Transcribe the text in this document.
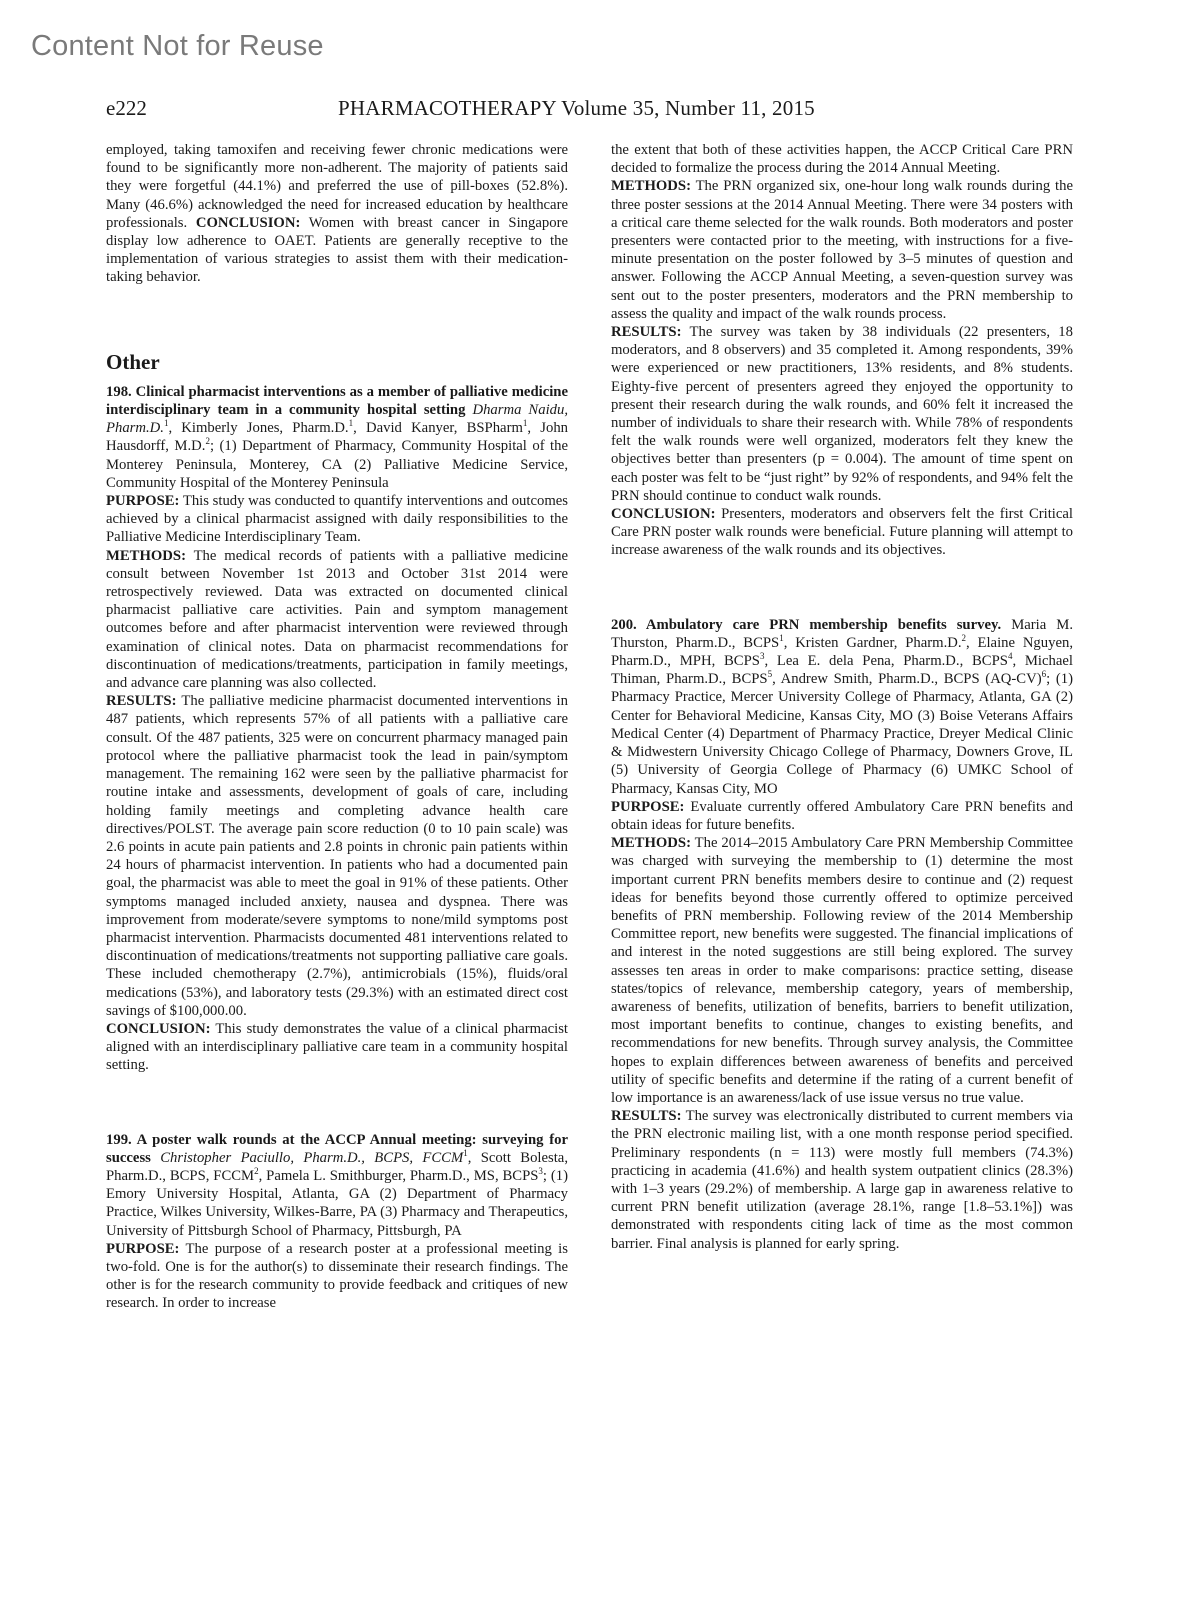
Content Not for Reuse
e222	PHARMACOTHERAPY Volume 35, Number 11, 2015

employed, taking tamoxifen and receiving fewer chronic medications were found to be significantly more non-adherent. The majority of patients said they were forgetful (44.1%) and preferred the use of pill-boxes (52.8%). Many (46.6%) acknowledged the need for increased education by healthcare professionals. CONCLUSION: Women with breast cancer in Singapore display low adherence to OAET. Patients are generally receptive to the implementation of various strategies to assist them with their medication-taking behavior.

Other

198. Clinical pharmacist interventions as a member of palliative medicine interdisciplinary team in a community hospital setting Dharma Naidu, Pharm.D.$^1$, Kimberly Jones, Pharm.D.$^1$, David Kanyer, BSPharm$^1$, John Hausdorff, M.D.$^2$; (1) Department of Pharmacy, Community Hospital of the Monterey Peninsula, Monterey, CA (2) Palliative Medicine Service, Community Hospital of the Monterey Peninsula

PURPOSE: This study was conducted to quantify interventions and outcomes achieved by a clinical pharmacist assigned with daily responsibilities to the Palliative Medicine Interdisciplinary Team.

METHODS: The medical records of patients with a palliative medicine consult between November 1st 2013 and October 31st 2014 were retrospectively reviewed. Data was extracted on documented clinical pharmacist palliative care activities. Pain and symptom management outcomes before and after pharmacist intervention were reviewed through examination of clinical notes. Data on pharmacist recommendations for discontinuation of medications/treatments, participation in family meetings, and advance care planning was also collected.

RESULTS: The palliative medicine pharmacist documented interventions in 487 patients, which represents 57% of all patients with a palliative care consult. Of the 487 patients, 325 were on concurrent pharmacy managed pain protocol where the palliative pharmacist took the lead in pain/symptom management. The remaining 162 were seen by the palliative pharmacist for routine intake and assessments, development of goals of care, including holding family meetings and completing advance health care directives/POLST. The average pain score reduction (0 to 10 pain scale) was 2.6 points in acute pain patients and 2.8 points in chronic pain patients within 24 hours of pharmacist intervention. In patients who had a documented pain goal, the pharmacist was able to meet the goal in 91% of these patients. Other symptoms managed included anxiety, nausea and dyspnea. There was improvement from moderate/severe symptoms to none/mild symptoms post pharmacist intervention. Pharmacists documented 481 interventions related to discontinuation of medications/treatments not supporting palliative care goals. These included chemotherapy (2.7%), antimicrobials (15%), fluids/oral medications (53%), and laboratory tests (29.3%) with an estimated direct cost savings of $100,000.00.

CONCLUSION: This study demonstrates the value of a clinical pharmacist aligned with an interdisciplinary palliative care team in a community hospital setting.

199. A poster walk rounds at the ACCP Annual meeting: surveying for success Christopher Paciullo, Pharm.D., BCPS, FCCM$^1$, Scott Bolesta, Pharm.D., BCPS, FCCM$^2$, Pamela L. Smithburger, Pharm.D., MS, BCPS$^3$; (1) Emory University Hospital, Atlanta, GA (2) Department of Pharmacy Practice, Wilkes University, Wilkes-Barre, PA (3) Pharmacy and Therapeutics, University of Pittsburgh School of Pharmacy, Pittsburgh, PA

PURPOSE: The purpose of a research poster at a professional meeting is two-fold. One is for the author(s) to disseminate their research findings. The other is for the research community to provide feedback and critiques of new research. In order to increase

the extent that both of these activities happen, the ACCP Critical Care PRN decided to formalize the process during the 2014 Annual Meeting.

METHODS: The PRN organized six, one-hour long walk rounds during the three poster sessions at the 2014 Annual Meeting. There were 34 posters with a critical care theme selected for the walk rounds. Both moderators and poster presenters were contacted prior to the meeting, with instructions for a five-minute presentation on the poster followed by 3–5 minutes of question and answer. Following the ACCP Annual Meeting, a seven-question survey was sent out to the poster presenters, moderators and the PRN membership to assess the quality and impact of the walk rounds process.

RESULTS: The survey was taken by 38 individuals (22 presenters, 18 moderators, and 8 observers) and 35 completed it. Among respondents, 39% were experienced or new practitioners, 13% residents, and 8% students. Eighty-five percent of presenters agreed they enjoyed the opportunity to present their research during the walk rounds, and 60% felt it increased the number of individuals to share their research with. While 78% of respondents felt the walk rounds were well organized, moderators felt they knew the objectives better than presenters (p = 0.004). The amount of time spent on each poster was felt to be “just right” by 92% of respondents, and 94% felt the PRN should continue to conduct walk rounds.

CONCLUSION: Presenters, moderators and observers felt the first Critical Care PRN poster walk rounds were beneficial. Future planning will attempt to increase awareness of the walk rounds and its objectives.

200. Ambulatory care PRN membership benefits survey. Maria M. Thurston, Pharm.D., BCPS$^1$, Kristen Gardner, Pharm.D.$^2$, Elaine Nguyen, Pharm.D., MPH, BCPS$^3$, Lea E. dela Pena, Pharm.D., BCPS$^4$, Michael Thiman, Pharm.D., BCPS$^5$, Andrew Smith, Pharm.D., BCPS $(AQ-CV)^6$; (1) Pharmacy Practice, Mercer University College of Pharmacy, Atlanta, GA (2) Center for Behavioral Medicine, Kansas City, MO (3) Boise Veterans Affairs Medical Center (4) Department of Pharmacy Practice, Dreyer Medical Clinic & Midwestern University Chicago College of Pharmacy, Downers Grove, IL (5) University of Georgia College of Pharmacy (6) UMKC School of Pharmacy, Kansas City, MO

PURPOSE: Evaluate currently offered Ambulatory Care PRN benefits and obtain ideas for future benefits.

METHODS: The 2014–2015 Ambulatory Care PRN Membership Committee was charged with surveying the membership to (1) determine the most important current PRN benefits members desire to continue and (2) request ideas for benefits beyond those currently offered to optimize perceived benefits of PRN membership. Following review of the 2014 Membership Committee report, new benefits were suggested. The financial implications of and interest in the noted suggestions are still being explored. The survey assesses ten areas in order to make comparisons: practice setting, disease states/topics of relevance, membership category, years of membership, awareness of benefits, utilization of benefits, barriers to benefit utilization, most important benefits to continue, changes to existing benefits, and recommendations for new benefits. Through survey analysis, the Committee hopes to explain differences between awareness of benefits and perceived utility of specific benefits and determine if the rating of a current benefit of low importance is an awareness/lack of use issue versus no true value.

RESULTS: The survey was electronically distributed to current members via the PRN electronic mailing list, with a one month response period specified. Preliminary respondents (n = 113) were mostly full members (74.3%) practicing in academia (41.6%) and health system outpatient clinics (28.3%) with 1–3 years (29.2%) of membership. A large gap in awareness relative to current PRN benefit utilization (average 28.1%, range [1.8–53.1%]) was demonstrated with respondents citing lack of time as the most common barrier. Final analysis is planned for early spring.
